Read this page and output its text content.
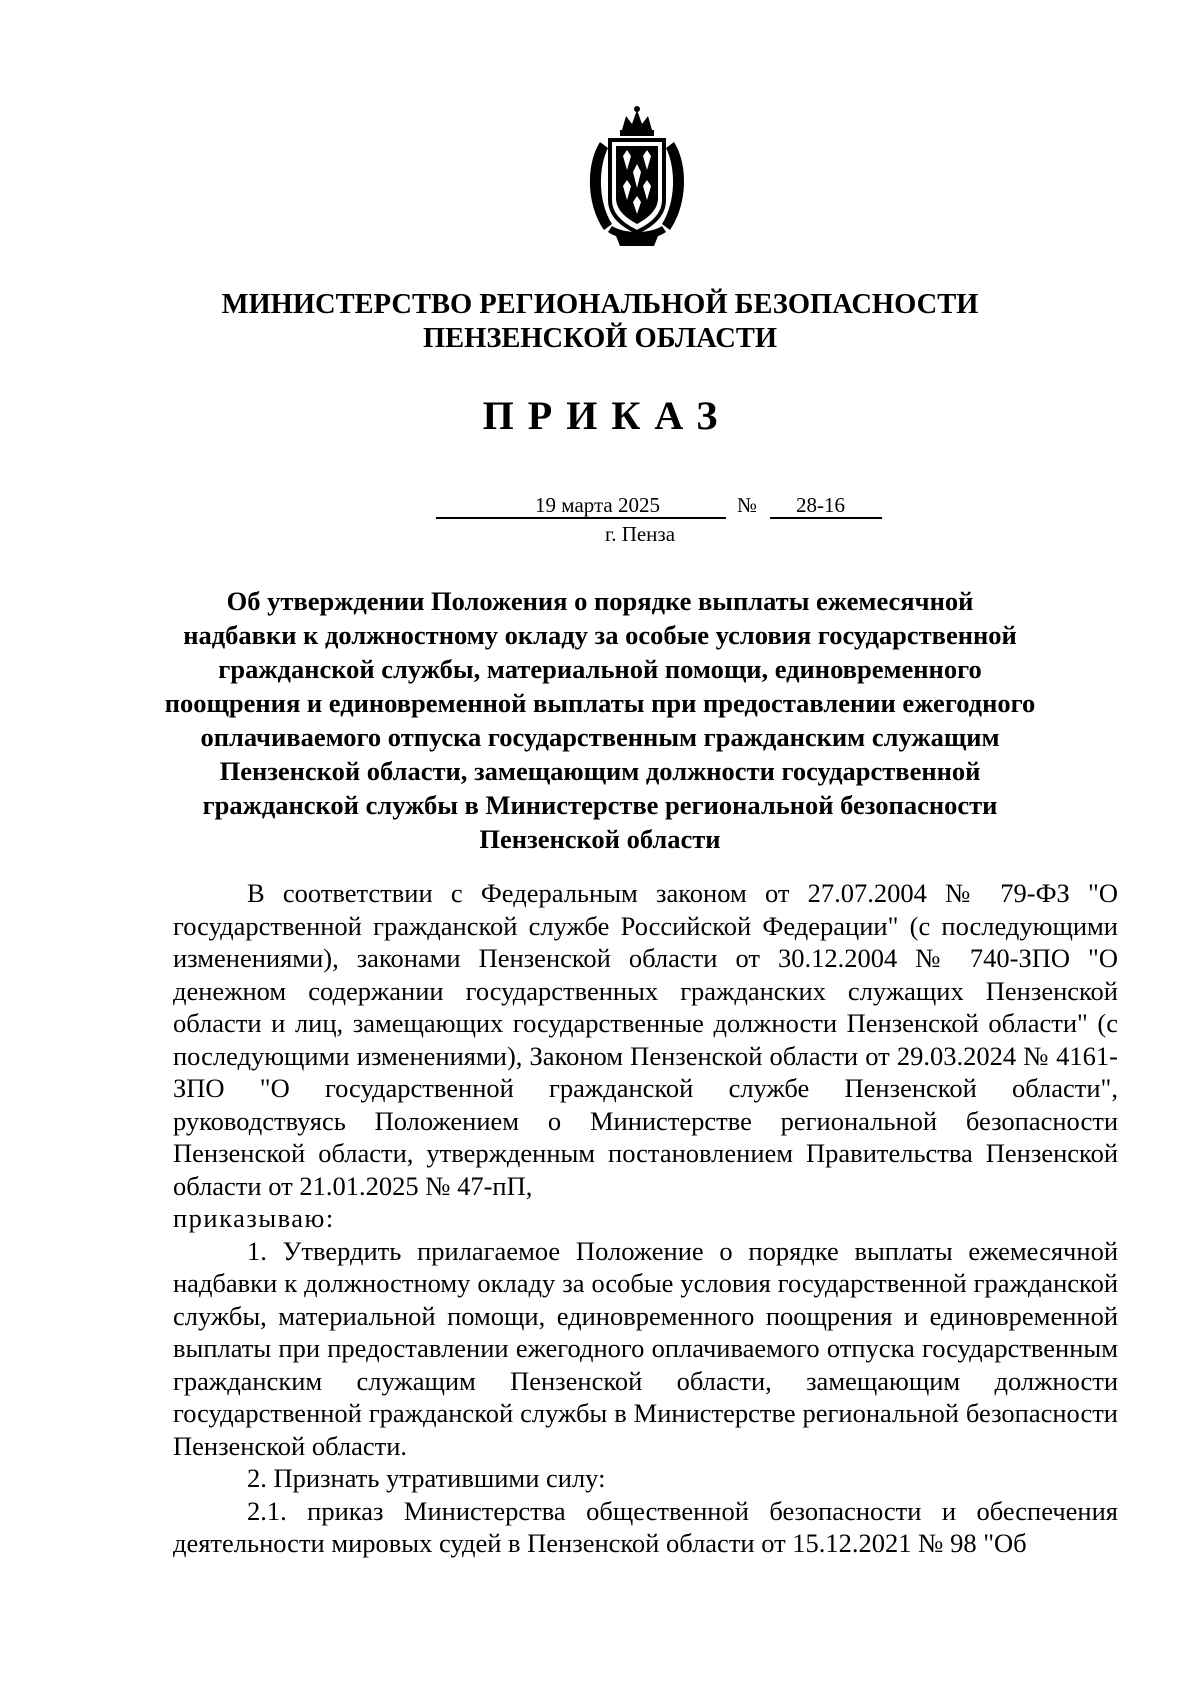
МИНИСТЕРСТВО РЕГИОНАЛЬНОЙ БЕЗОПАСНОСТИ
ПЕНЗЕНСКОЙ ОБЛАСТИ
ПРИКАЗ
19 марта 2025	№	28-16
г. Пенза
Об утверждении Положения о порядке выплаты ежемесячной
надбавки к должностному окладу за особые условия государственной
гражданской службы, материальной помощи, единовременного
поощрения и единовременной выплаты при предоставлении ежегодного
оплачиваемого отпуска государственным гражданским служащим
Пензенской области, замещающим должности государственной
гражданской службы в Министерстве региональной безопасности
Пензенской области

В соответствии с Федеральным законом от 27.07.2004 № 79-ФЗ "О государственной гражданской службе Российской Федерации" (с последующими изменениями), законами Пензенской области от 30.12.2004 № 740-ЗПО "О денежном содержании государственных гражданских служащих Пензенской области и лиц, замещающих государственные должности Пензенской области" (с последующими изменениями), Законом Пензенской области от 29.03.2024 № 4161-ЗПО "О государственной гражданской службе Пензенской области", руководствуясь Положением о Министерстве региональной безопасности Пензенской области, утвержденным постановлением Правительства Пензенской области от 21.01.2025 № 47-пП,
приказываю:

1. Утвердить прилагаемое Положение о порядке выплаты ежемесячной надбавки к должностному окладу за особые условия государственной гражданской службы, материальной помощи, единовременного поощрения и единовременной выплаты при предоставлении ежегодного оплачиваемого отпуска государственным гражданским служащим Пензенской области, замещающим должности государственной гражданской службы в Министерстве региональной безопасности Пензенской области.

2. Признать утратившими силу:

2.1. приказ Министерства общественной безопасности и обеспечения деятельности мировых судей в Пензенской области от 15.12.2021 № 98 "Об
